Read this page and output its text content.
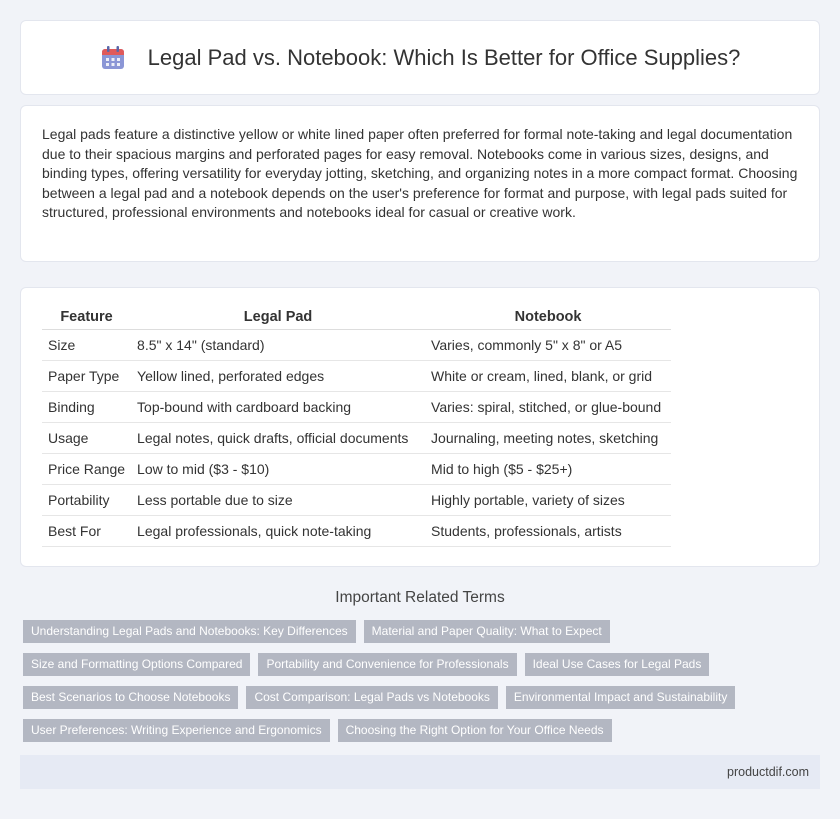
Legal Pad vs. Notebook: Which Is Better for Office Supplies?

Legal pads feature a distinctive yellow or white lined paper often preferred for formal note-taking and legal documentation due to their spacious margins and perforated pages for easy removal. Notebooks come in various sizes, designs, and binding types, offering versatility for everyday jotting, sketching, and organizing notes in a more compact format. Choosing between a legal pad and a notebook depends on the user's preference for format and purpose, with legal pads suited for structured, professional environments and notebooks ideal for casual or creative work.

Feature	Legal Pad	Notebook
Size	8.5" x 14" (standard)	Varies, commonly 5" x 8" or A5
Paper Type	Yellow lined, perforated edges	White or cream, lined, blank, or grid
Binding	Top-bound with cardboard backing	Varies: spiral, stitched, or glue-bound
Usage	Legal notes, quick drafts, official documents	Journaling, meeting notes, sketching
Price Range	Low to mid ($3 - $10)	Mid to high ($5 - $25+)
Portability	Less portable due to size	Highly portable, variety of sizes
Best For	Legal professionals, quick note-taking	Students, professionals, artists
Important Related Terms
Understanding Legal Pads and Notebooks: Key Differences	Material and Paper Quality: What to Expect
Size and Formatting Options Compared	Portability and Convenience for Professionals	Ideal Use Cases for Legal Pads
Best Scenarios to Choose Notebooks	Cost Comparison: Legal Pads vs Notebooks	Environmental Impact and Sustainability
User Preferences: Writing Experience and Ergonomics	Choosing the Right Option for Your Office Needs
productdif.com
